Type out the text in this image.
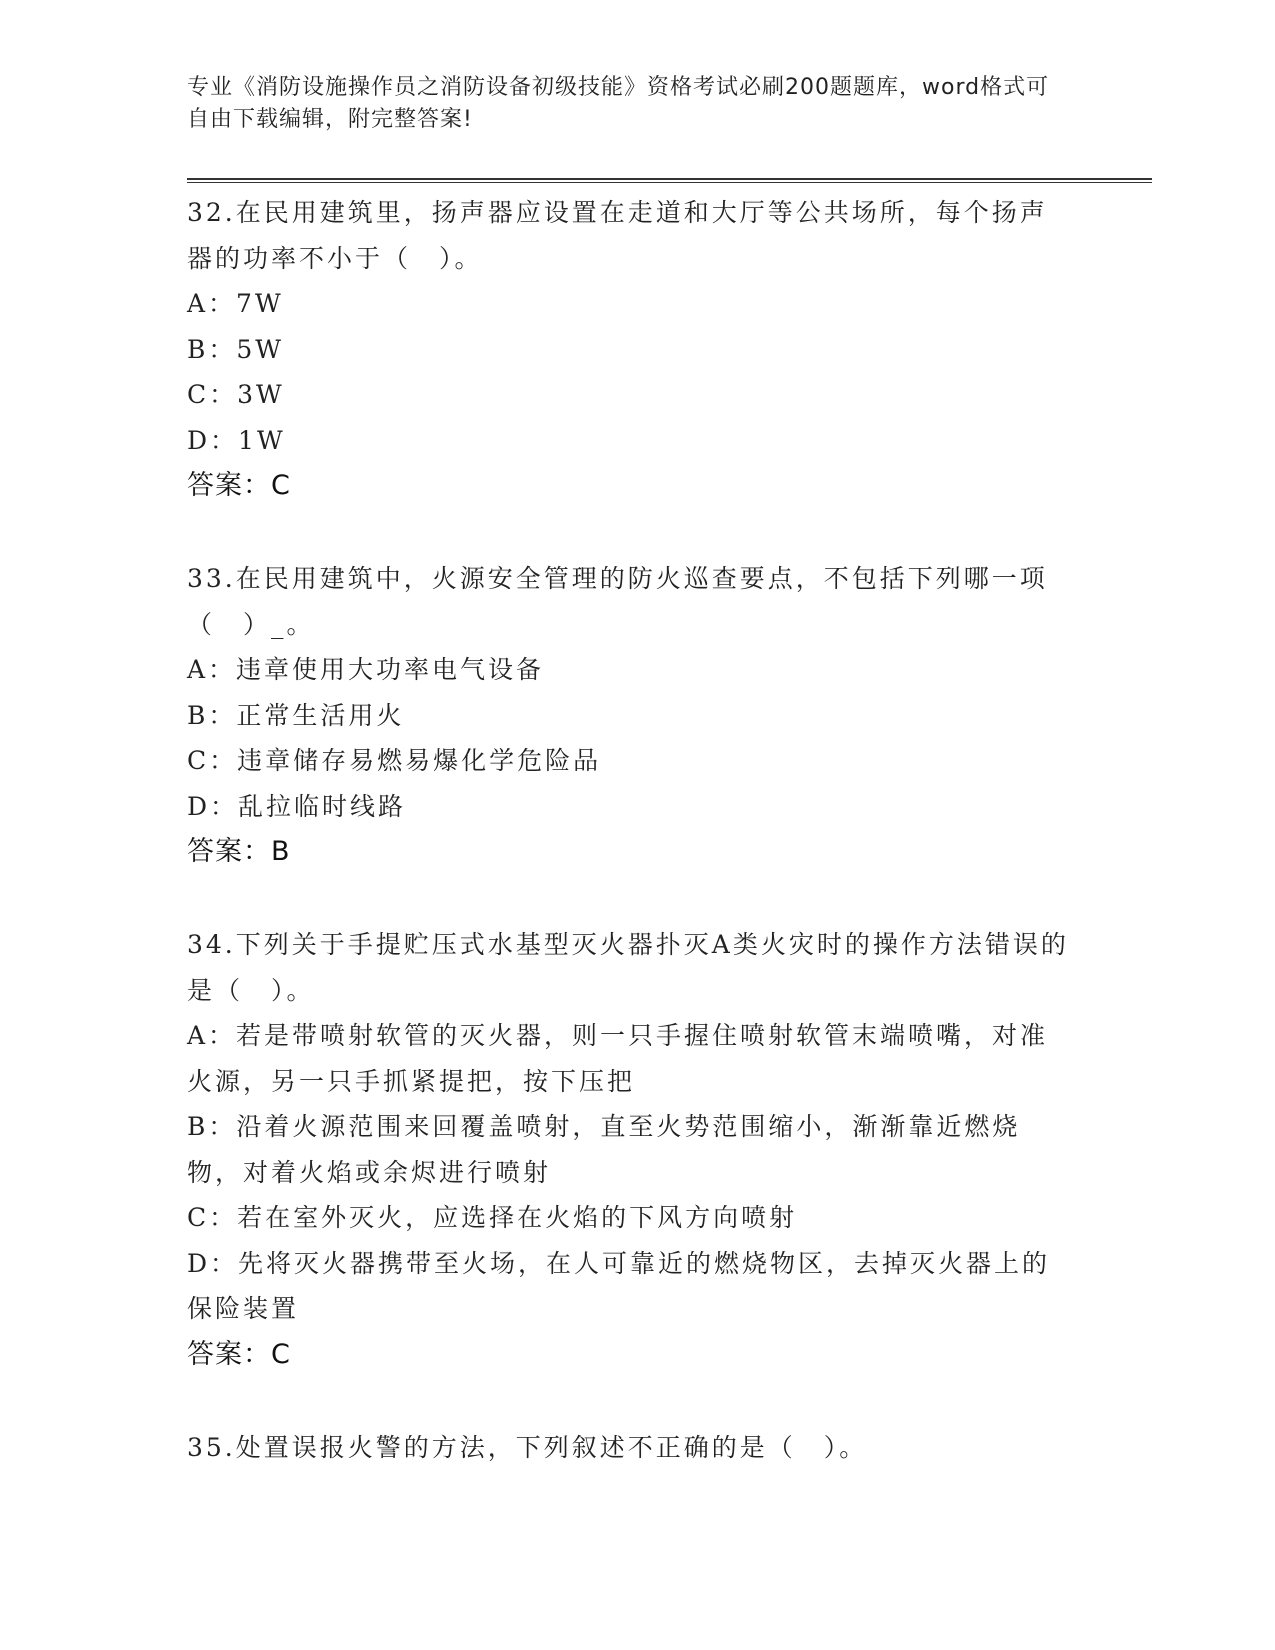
专业《消防设施操作员之消防设备初级技能》资格考试必刷200题题库，word格式可自由下载编辑，附完整答案!
32.在民用建筑里，扬声器应设置在走道和大厅等公共场所，每个扬声器的功率不小于（　）。
A：7W
B：5W
C：3W
D：1W
答案：C
33.在民用建筑中，火源安全管理的防火巡查要点，不包括下列哪一项（　）_。
A：违章使用大功率电气设备
B：正常生活用火
C：违章储存易燃易爆化学危险品
D：乱拉临时线路
答案：B
34.下列关于手提贮压式水基型灭火器扑灭A类火灾时的操作方法错误的是（　）。
A：若是带喷射软管的灭火器，则一只手握住喷射软管末端喷嘴，对准火源，另一只手抓紧提把，按下压把
B：沿着火源范围来回覆盖喷射，直至火势范围缩小，渐渐靠近燃烧物，对着火焰或余烬进行喷射
C：若在室外灭火，应选择在火焰的下风方向喷射
D：先将灭火器携带至火场，在人可靠近的燃烧物区，去掉灭火器上的保险装置
答案：C
35.处置误报火警的方法，下列叙述不正确的是（　）。
